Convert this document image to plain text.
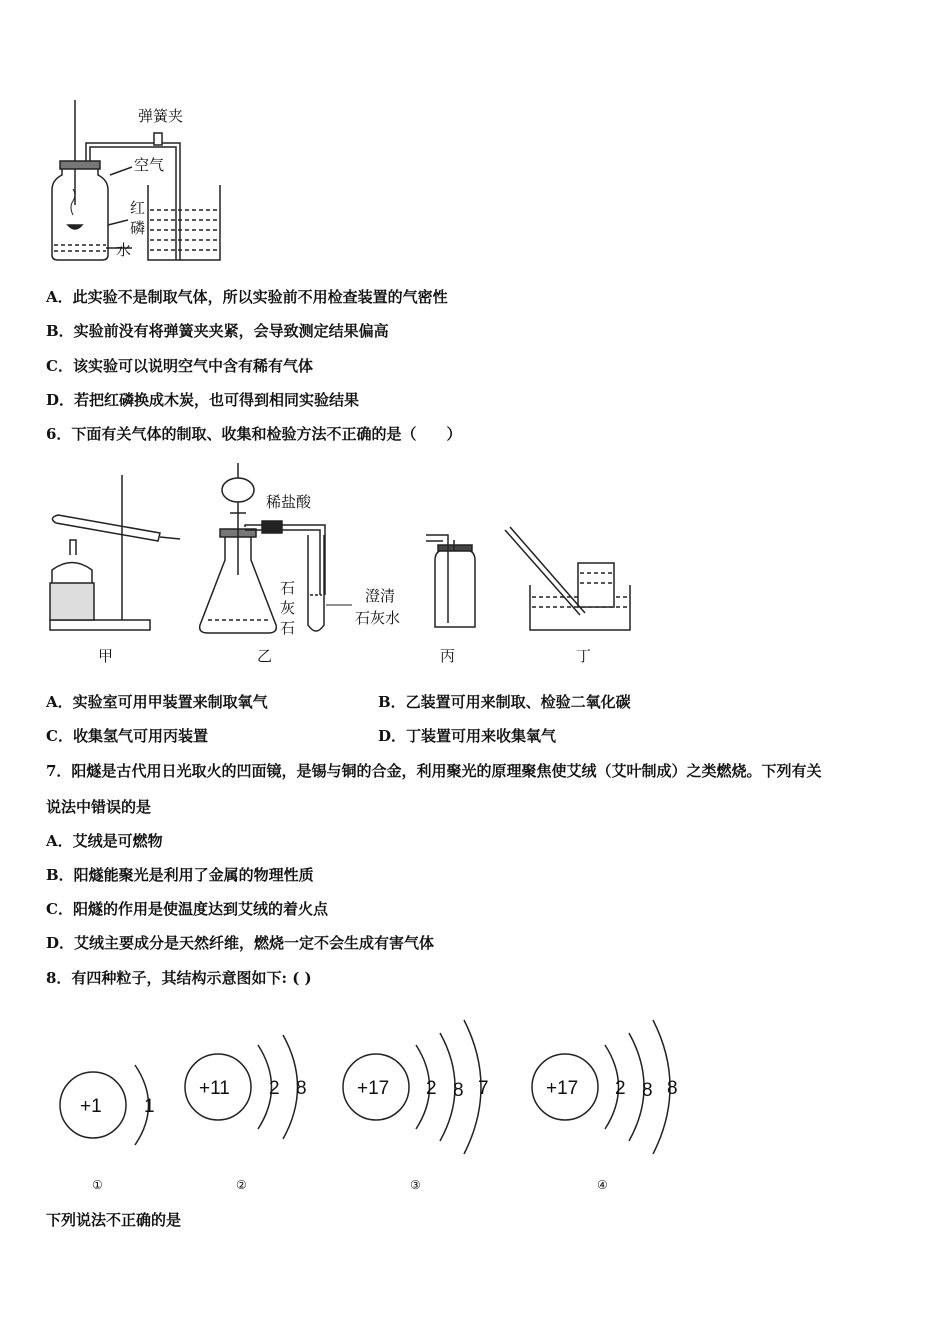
弹簧夹
空气
红
磷
水
A．此实验不是制取气体，所以实验前不用检查装置的气密性
B．实验前没有将弹簧夹夹紧，会导致测定结果偏高
C．该实验可以说明空气中含有稀有气体
D．若把红磷换成木炭，也可得到相同实验结果
6．下面有关气体的制取、收集和检验方法不正确的是（　　）
稀盐酸
石
灰
石
澄清
石灰水
甲	乙	丙	丁
A．实验室可用甲装置来制取氧气	B．乙装置可用来制取、检验二氧化碳
C．收集氢气可用丙装置	D．丁装置可用来收集氧气
7．阳燧是古代用日光取火的凹面镜，是锡与铜的合金，利用聚光的原理聚焦使艾绒（艾叶制成）之类燃烧。下列有关
说法中错误的是
A．艾绒是可燃物
B．阳燧能聚光是利用了金属的物理性质
C．阳燧的作用是使温度达到艾绒的着火点
D．艾绒主要成分是天然纤维，燃烧一定不会生成有害气体
8．有四种粒子，其结构示意图如下: ( )
+1 1
①
+11 2 8
②
+17 2 8 7
③
+17 2 8 8
④
下列说法不正确的是
